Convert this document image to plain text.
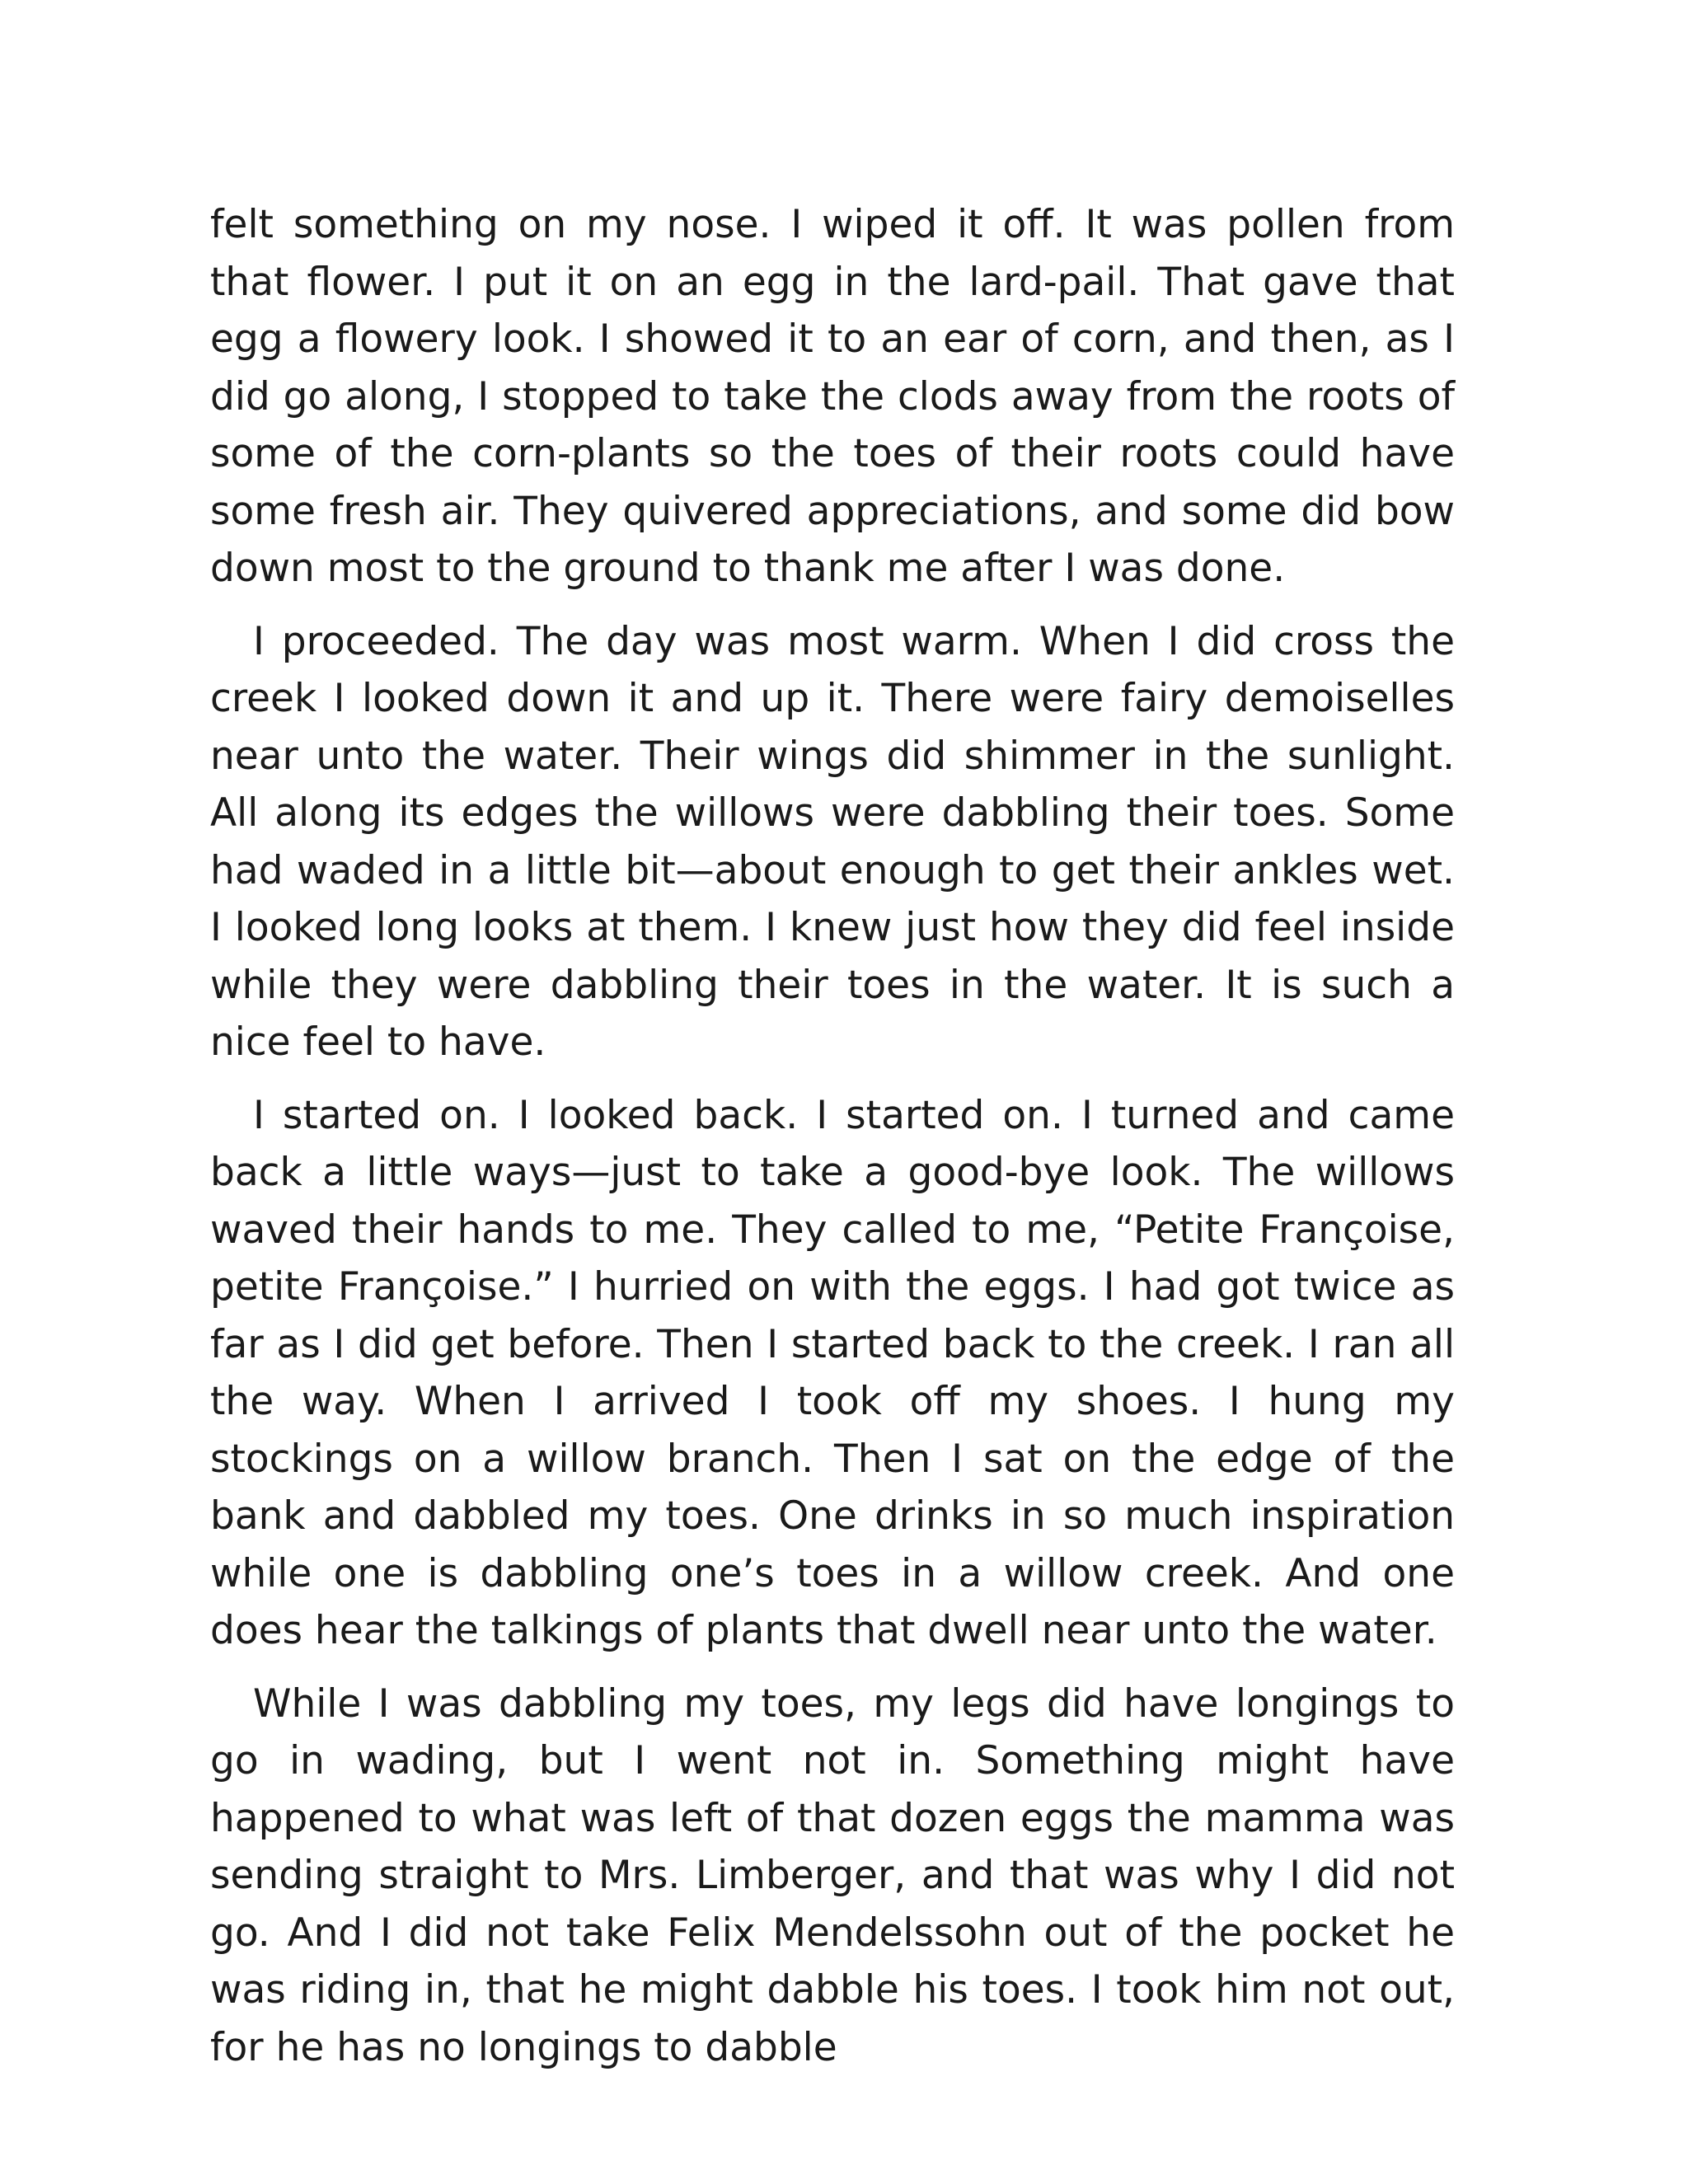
felt something on my nose. I wiped it off. It was pollen from that flower. I put it on an egg in the lard-pail. That gave that egg a flowery look. I showed it to an ear of corn, and then, as I did go along, I stopped to take the clods away from the roots of some of the corn-plants so the toes of their roots could have some fresh air. They quivered appreciations, and some did bow down most to the ground to thank me after I was done.

I proceeded. The day was most warm. When I did cross the creek I looked down it and up it. There were fairy demoiselles near unto the water. Their wings did shimmer in the sunlight. All along its edges the willows were dabbling their toes. Some had waded in a little bit—about enough to get their ankles wet. I looked long looks at them. I knew just how they did feel inside while they were dabbling their toes in the water. It is such a nice feel to have.

I started on. I looked back. I started on. I turned and came back a little ways—just to take a good-bye look. The willows waved their hands to me. They called to me, “Petite Françoise, petite Françoise.” I hurried on with the eggs. I had got twice as far as I did get before. Then I started back to the creek. I ran all the way. When I arrived I took off my shoes. I hung my stockings on a willow branch. Then I sat on the edge of the bank and dabbled my toes. One drinks in so much inspiration while one is dabbling one’s toes in a willow creek. And one does hear the talkings of plants that dwell near unto the water.

While I was dabbling my toes, my legs did have longings to go in wading, but I went not in. Something might have happened to what was left of that dozen eggs the mamma was sending straight to Mrs. Limberger, and that was why I did not go. And I did not take Felix Mendelssohn out of the pocket he was riding in, that he might dabble his toes. I took him not out, for he has no longings to dabble
